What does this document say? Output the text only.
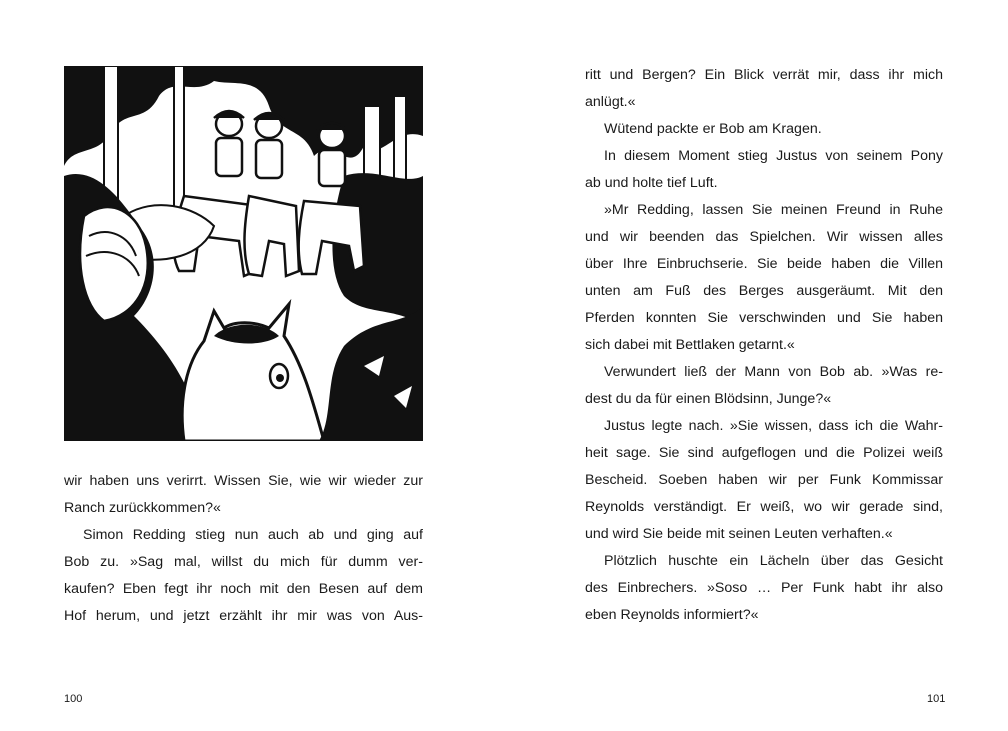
wir haben uns verirrt. Wissen Sie, wie wir wieder zur
Ranch zurückkommen?«
Simon Redding stieg nun auch ab und ging auf
Bob zu. »Sag mal, willst du mich für dumm ver-
kaufen? Eben fegt ihr noch mit den Besen auf dem
Hof herum, und jetzt erzählt ihr mir was von Aus-
100	101
ritt und Bergen? Ein Blick verrät mir, dass ihr mich
anlügt.«
Wütend packte er Bob am Kragen.
In diesem Moment stieg Justus von seinem Pony
ab und holte tief Luft.
»Mr Redding, lassen Sie meinen Freund in Ruhe
und wir beenden das Spielchen. Wir wissen alles
über Ihre Einbruchserie. Sie beide haben die Villen
unten am Fuß des Berges ausgeräumt. Mit den
Pferden konnten Sie verschwinden und Sie haben
sich dabei mit Bettlaken getarnt.«
Verwundert ließ der Mann von Bob ab. »Was re-
dest du da für einen Blödsinn, Junge?«
Justus legte nach. »Sie wissen, dass ich die Wahr-
heit sage. Sie sind aufgeflogen und die Polizei weiß
Bescheid. Soeben haben wir per Funk Kommissar
Reynolds verständigt. Er weiß, wo wir gerade sind,
und wird Sie beide mit seinen Leuten verhaften.«
Plötzlich huschte ein Lächeln über das Gesicht
des Einbrechers. »Soso … Per Funk habt ihr also
eben Reynolds informiert?«
